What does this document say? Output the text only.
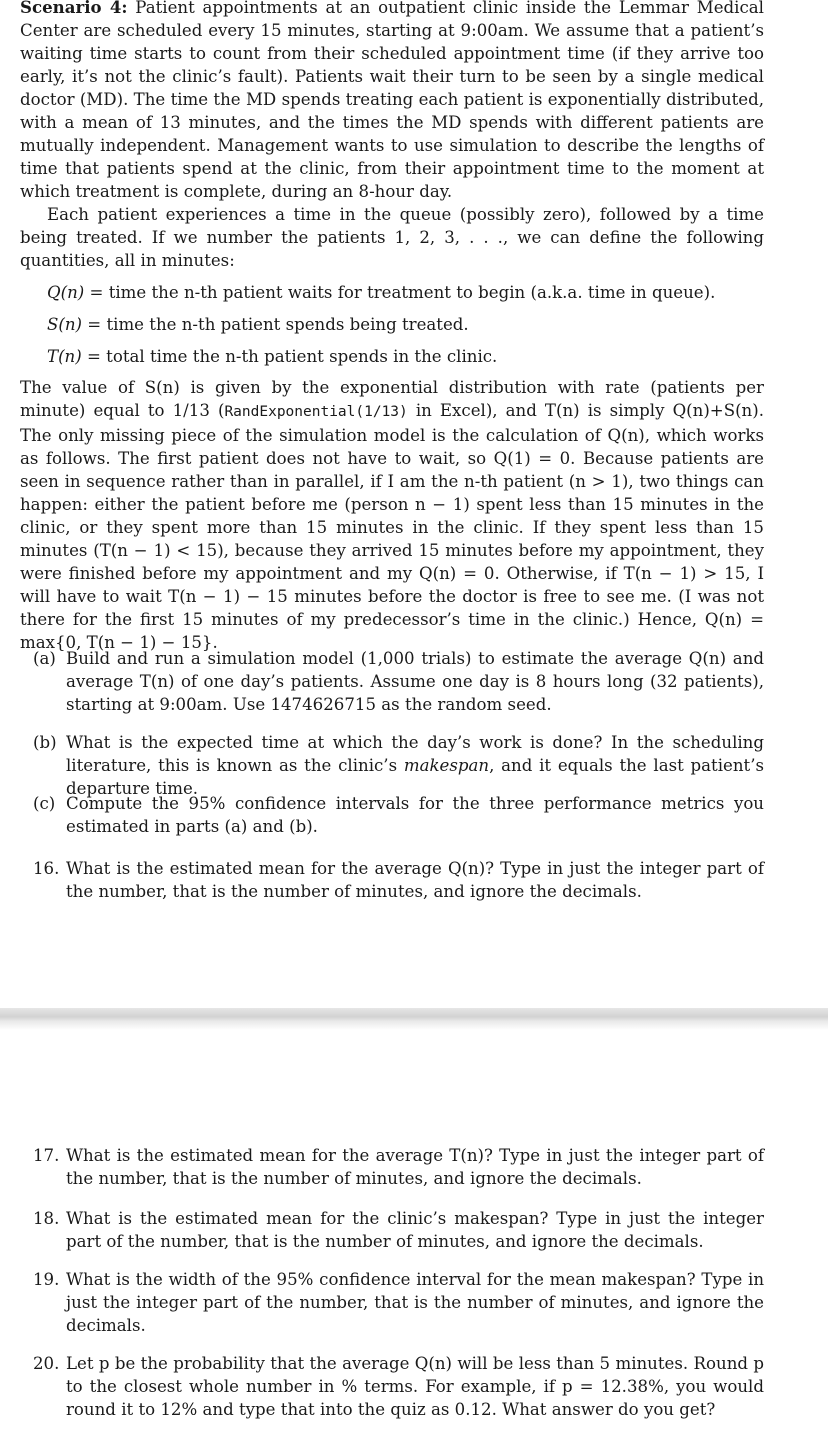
Scenario 4: Patient appointments at an outpatient clinic inside the Lemmar Medical Center are scheduled every 15 minutes, starting at 9:00am. We assume that a patient’s waiting time starts to count from their scheduled appointment time (if they arrive too early, it’s not the clinic’s fault). Patients wait their turn to be seen by a single medical doctor (MD). The time the MD spends treating each patient is exponentially distributed, with a mean of 13 minutes, and the times the MD spends with different patients are mutually independent. Management wants to use simulation to describe the lengths of time that patients spend at the clinic, from their appointment time to the moment at which treatment is complete, during an 8-hour day.

Each patient experiences a time in the queue (possibly zero), followed by a time being treated. If we number the patients 1, 2, 3, . . ., we can define the following quantities, all in minutes:

Q(n) = time the n-th patient waits for treatment to begin (a.k.a. time in queue).
S(n) = time the n-th patient spends being treated.
T(n) = total time the n-th patient spends in the clinic.

The value of S(n) is given by the exponential distribution with rate (patients per minute) equal to 1/13 (RandExponential(1/13) in Excel), and T(n) is simply Q(n)+S(n). The only missing piece of the simulation model is the calculation of Q(n), which works as follows. The first patient does not have to wait, so Q(1) = 0. Because patients are seen in sequence rather than in parallel, if I am the n-th patient (n > 1), two things can happen: either the patient before me (person n − 1) spent less than 15 minutes in the clinic, or they spent more than 15 minutes in the clinic. If they spent less than 15 minutes (T(n − 1) < 15), because they arrived 15 minutes before my appointment, they were finished before my appointment and my Q(n) = 0. Otherwise, if T(n − 1) > 15, I will have to wait T(n − 1) − 15 minutes before the doctor is free to see me. (I was not there for the first 15 minutes of my predecessor’s time in the clinic.) Hence, Q(n) = max{0, T(n − 1) − 15}.

(a) Build and run a simulation model (1,000 trials) to estimate the average Q(n) and average T(n) of one day’s patients. Assume one day is 8 hours long (32 patients), starting at 9:00am. Use 1474626715 as the random seed.
(b) What is the expected time at which the day’s work is done? In the scheduling literature, this is known as the clinic’s makespan, and it equals the last patient’s departure time.
(c) Compute the 95% confidence intervals for the three performance metrics you estimated in parts (a) and (b).
16. What is the estimated mean for the average Q(n)? Type in just the integer part of the number, that is the number of minutes, and ignore the decimals.
17. What is the estimated mean for the average T(n)? Type in just the integer part of the number, that is the number of minutes, and ignore the decimals.
18. What is the estimated mean for the clinic’s makespan? Type in just the integer part of the number, that is the number of minutes, and ignore the decimals.
19. What is the width of the 95% confidence interval for the mean makespan? Type in just the integer part of the number, that is the number of minutes, and ignore the decimals.
20. Let p be the probability that the average Q(n) will be less than 5 minutes. Round p to the closest whole number in % terms. For example, if p = 12.38%, you would round it to 12% and type that into the quiz as 0.12. What answer do you get?
